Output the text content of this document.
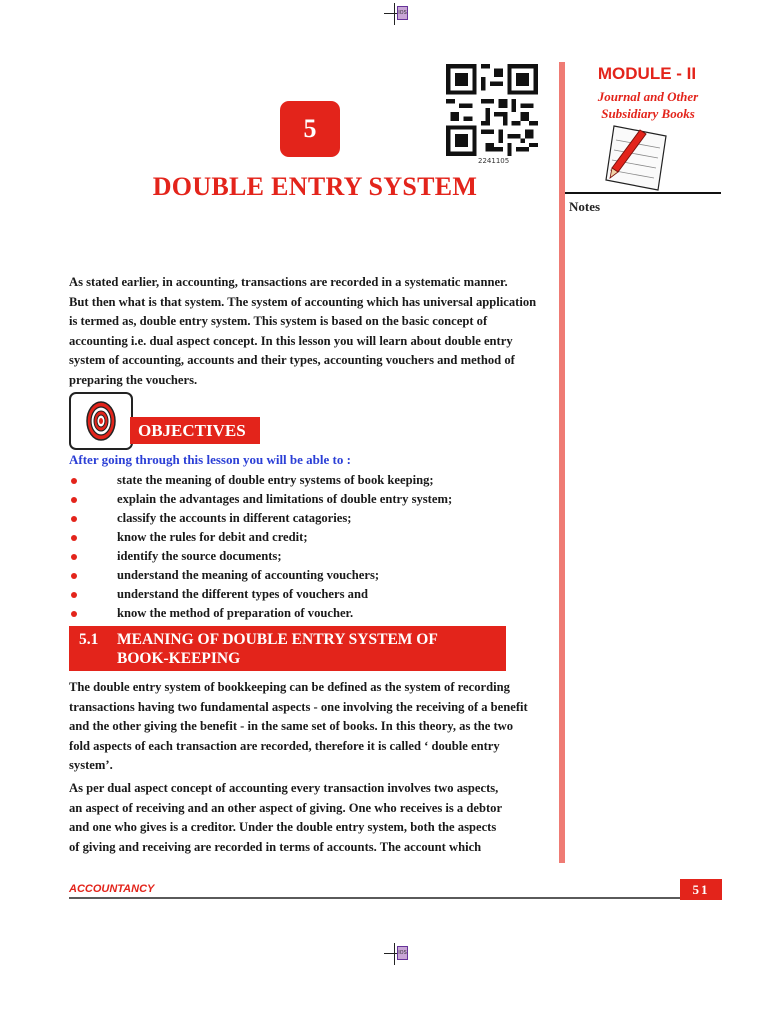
IOS
5
2241105
DOUBLE ENTRY SYSTEM
MODULE - II
Journal and Other
Subsidiary Books
Notes
As stated earlier, in accounting, transactions are recorded in a systematic manner.
But then what is that system. The system of accounting which has universal application
is termed as, double entry system. This system is based on the basic concept of
accounting i.e. dual aspect concept. In this lesson you will learn about double entry
system of accounting, accounts and their types, accounting vouchers and method of
preparing the vouchers.
OBJECTIVES
After going through this lesson you will be able to :
state the meaning of double entry systems of book keeping;
explain the advantages and limitations of double entry system;
classify the accounts in different catagories;
know the rules for debit and credit;
identify the source documents;
understand the meaning of accounting vouchers;
understand the different types of vouchers and
know the method of preparation of voucher.
5.1 MEANING OF DOUBLE ENTRY SYSTEM OF
BOOK-KEEPING
The double entry system of bookkeeping can be defined as the system of recording
transactions having two fundamental aspects - one involving the receiving of a benefit
and the other giving the benefit - in the same set of books. In this theory, as the two
fold aspects of each transaction are recorded, therefore it is called ‘ double entry
system’.
As per dual aspect concept of accounting every transaction involves two aspects,
an aspect of receiving and an other aspect of giving. One who receives is a debtor
and one who gives is a creditor. Under the double entry system, both the aspects
of giving and receiving are recorded in terms of accounts. The account which
ACCOUNTANCY	51
IOS
